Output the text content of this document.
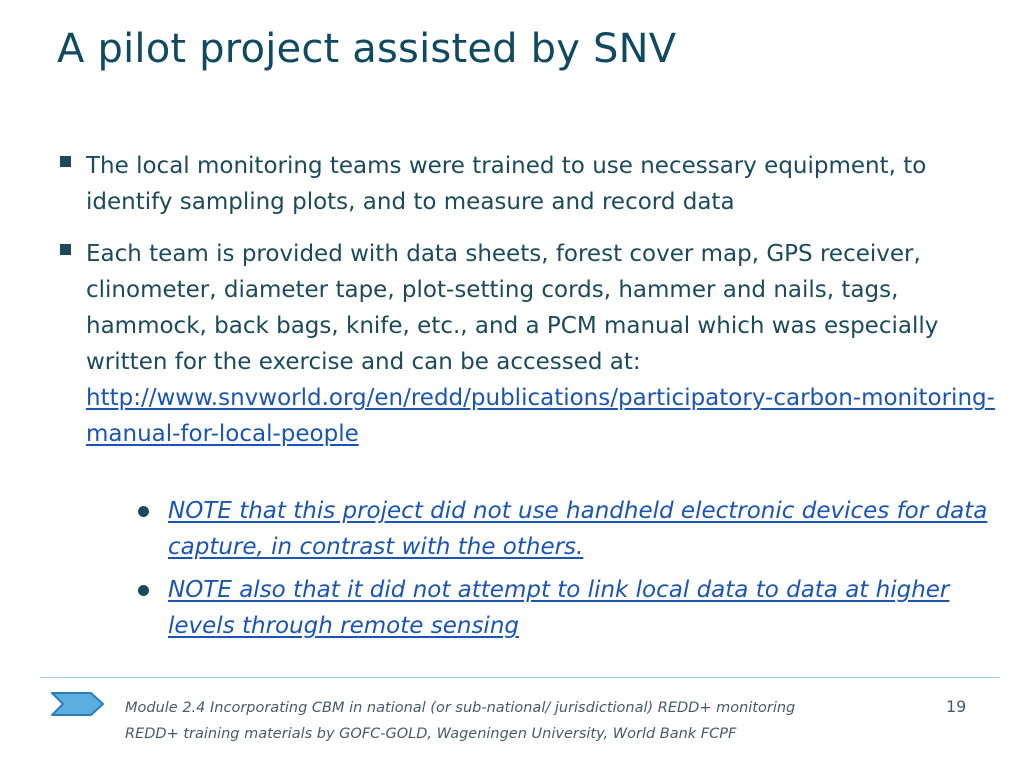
A pilot project assisted by SNV
The local monitoring teams were trained to use necessary equipment, to identify sampling plots, and to measure and record data
Each team is provided with data sheets, forest cover map, GPS receiver, clinometer, diameter tape, plot-setting cords, hammer and nails, tags, hammock, back bags, knife, etc., and a PCM manual which was especially written for the exercise and can be accessed at: http://www.snvworld.org/en/redd/publications/participatory-carbon-monitoring-manual-for-local-people
NOTE that this project did not use handheld electronic devices for data capture, in contrast with the others.
NOTE also that it did not attempt to link local data to data at higher levels through remote sensing
Module 2.4 Incorporating CBM in national (or sub-national/ jurisdictional) REDD+ monitoring
REDD+ training materials by GOFC-GOLD, Wageningen University, World Bank FCPF
19
